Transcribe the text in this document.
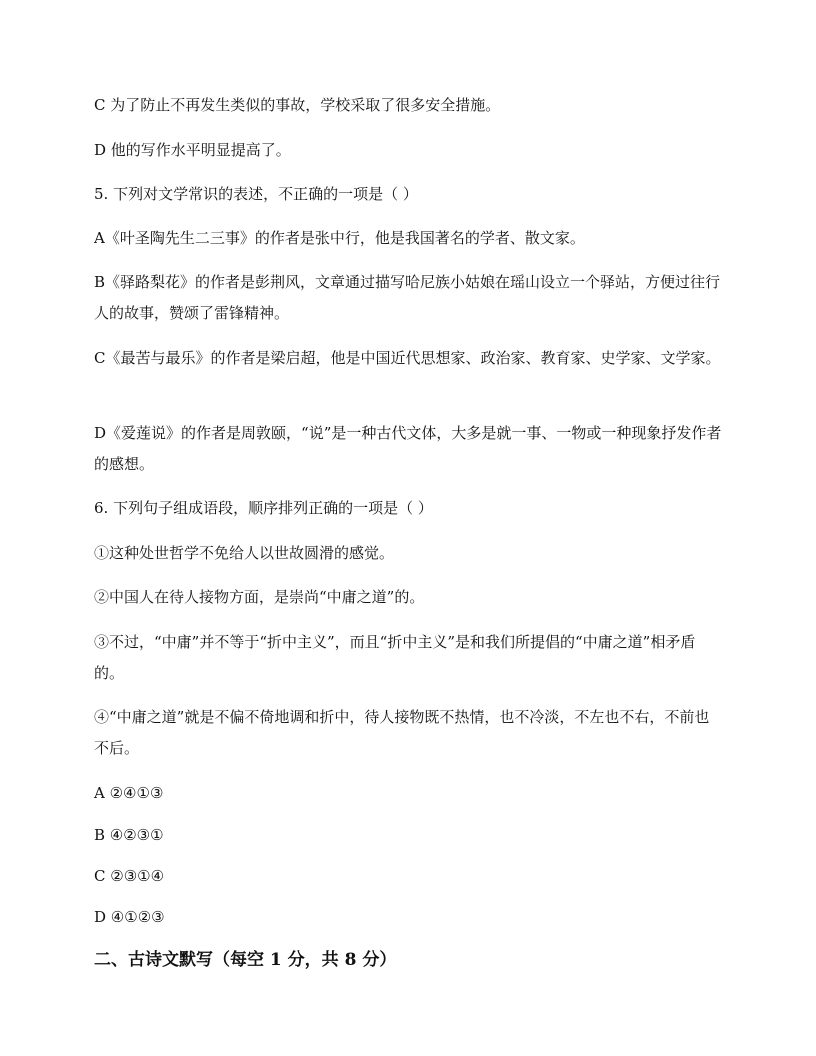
C 为了防止不再发生类似的事故，学校采取了很多安全措施。
D 他的写作水平明显提高了。
5. 下列对文学常识的表述，不正确的一项是（ ）
A《叶圣陶先生二三事》的作者是张中行，他是我国著名的学者、散文家。
B《驿路梨花》的作者是彭荆风，文章通过描写哈尼族小姑娘在瑶山设立一个驿站，方便过往行人的故事，赞颂了雷锋精神。
C《最苦与最乐》的作者是梁启超，他是中国近代思想家、政治家、教育家、史学家、文学家。
D《爱莲说》的作者是周敦颐，“说”是一种古代文体，大多是就一事、一物或一种现象抒发作者的感想。
6. 下列句子组成语段，顺序排列正确的一项是（ ）
①这种处世哲学不免给人以世故圆滑的感觉。
②中国人在待人接物方面，是崇尚“中庸之道”的。
③不过，“中庸”并不等于“折中主义”，而且“折中主义”是和我们所提倡的“中庸之道”相矛盾的。
④“中庸之道”就是不偏不倚地调和折中，待人接物既不热情，也不冷淡，不左也不右，不前也不后。
A ②④①③
B ④②③①
C ②③①④
D ④①②③
二、古诗文默写（每空 1 分，共 8 分）
